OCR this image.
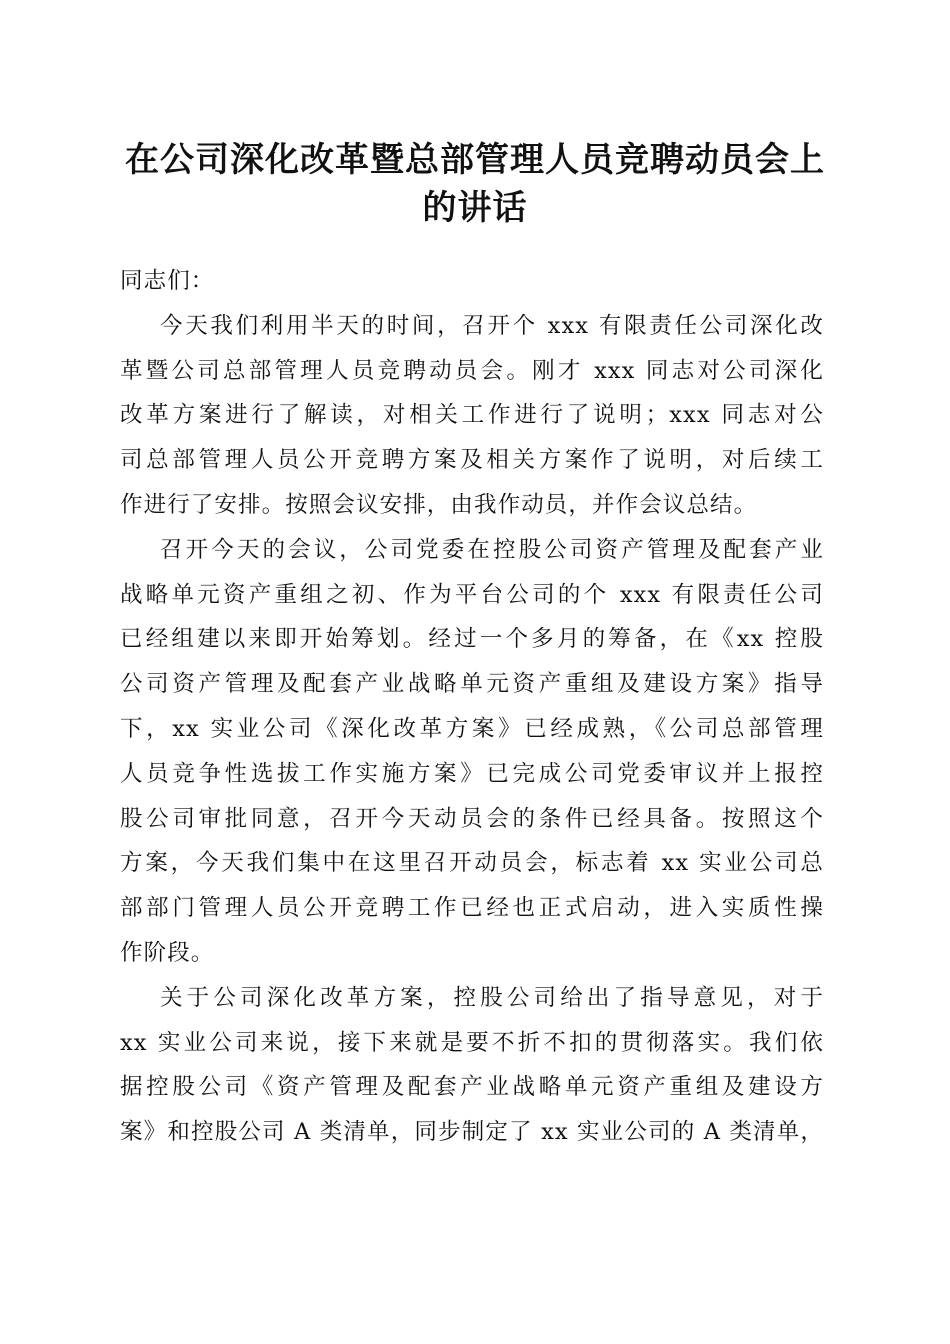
在公司深化改革暨总部管理人员竞聘动员会上
的讲话
同志们：
今天我们利用半天的时间，召开个 xxx 有限责任公司深化改
革暨公司总部管理人员竞聘动员会。刚才 xxx 同志对公司深化
改革方案进行了解读，对相关工作进行了说明；xxx 同志对公
司总部管理人员公开竞聘方案及相关方案作了说明，对后续工
作进行了安排。按照会议安排，由我作动员，并作会议总结。
召开今天的会议，公司党委在控股公司资产管理及配套产业
战略单元资产重组之初、作为平台公司的个 xxx 有限责任公司
已经组建以来即开始筹划。经过一个多月的筹备，在《xx 控股
公司资产管理及配套产业战略单元资产重组及建设方案》指导
下，xx 实业公司《深化改革方案》已经成熟，《公司总部管理
人员竞争性选拔工作实施方案》已完成公司党委审议并上报控
股公司审批同意，召开今天动员会的条件已经具备。按照这个
方案，今天我们集中在这里召开动员会，标志着 xx 实业公司总
部部门管理人员公开竞聘工作已经也正式启动，进入实质性操
作阶段。
关于公司深化改革方案，控股公司给出了指导意见，对于
xx 实业公司来说，接下来就是要不折不扣的贯彻落实。我们依
据控股公司《资产管理及配套产业战略单元资产重组及建设方
案》和控股公司 A 类清单，同步制定了 xx 实业公司的 A 类清单，
